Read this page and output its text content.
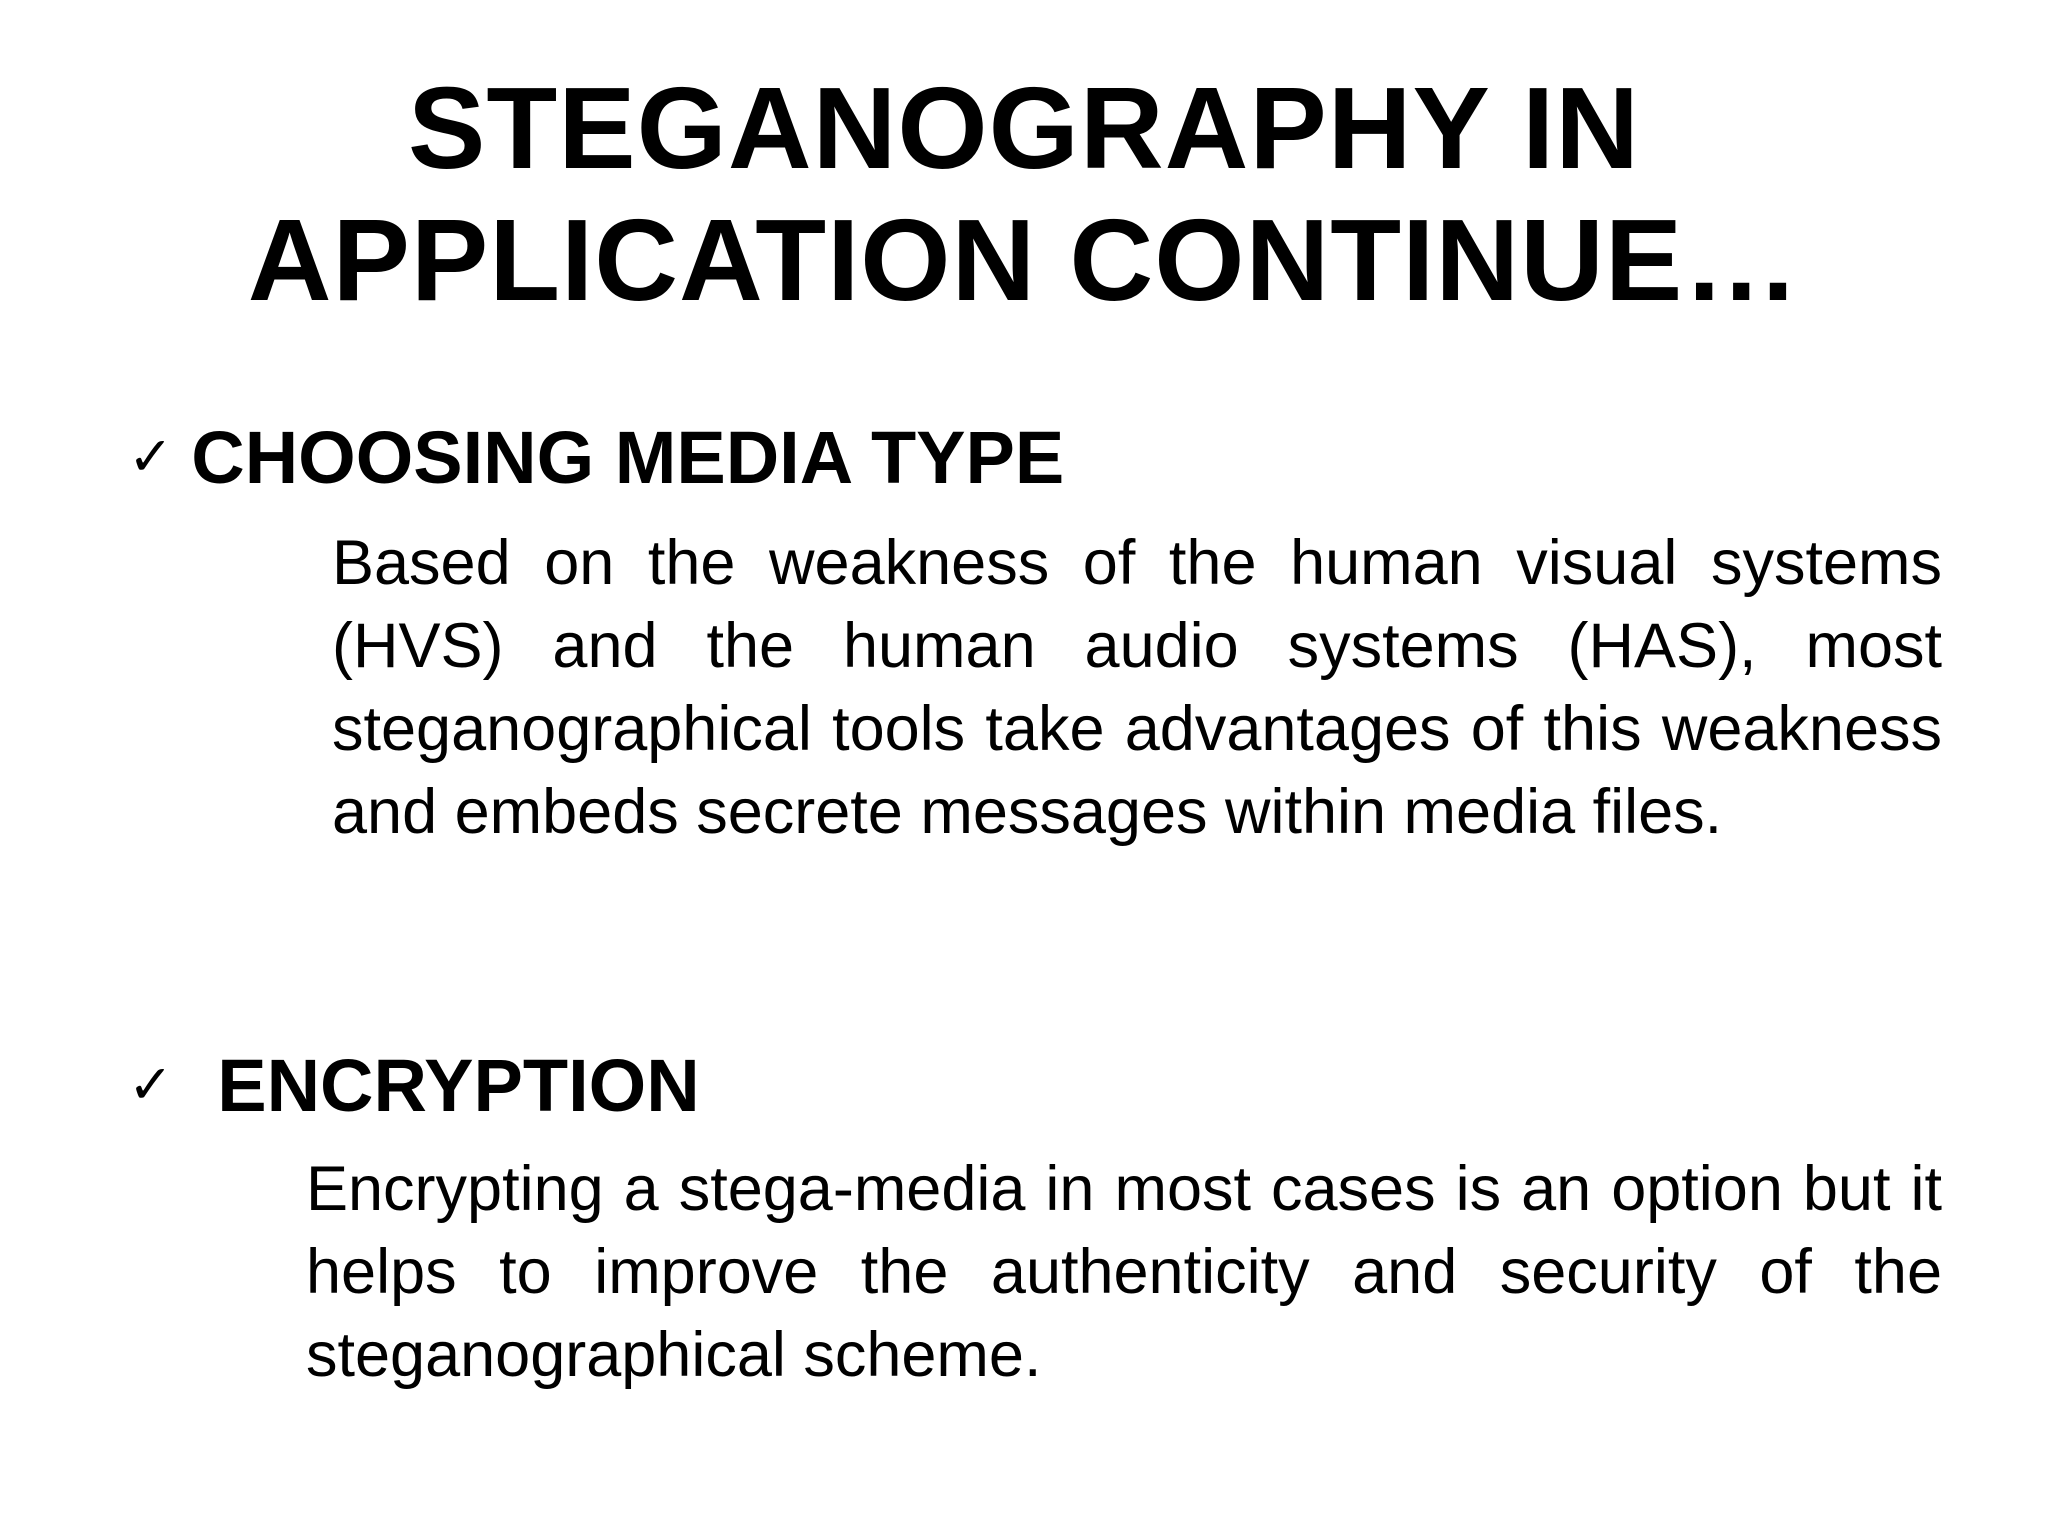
STEGANOGRAPHY IN
APPLICATION CONTINUE…
✓ CHOOSING MEDIA TYPE
Based on the weakness of the human visual systems (HVS) and the human audio systems (HAS), most steganographical tools take advantages of this weakness and embeds secrete messages within media files.
✓ ENCRYPTION
Encrypting a stega-media in most cases is an option but it helps to improve the authenticity and security of the steganographical scheme.
